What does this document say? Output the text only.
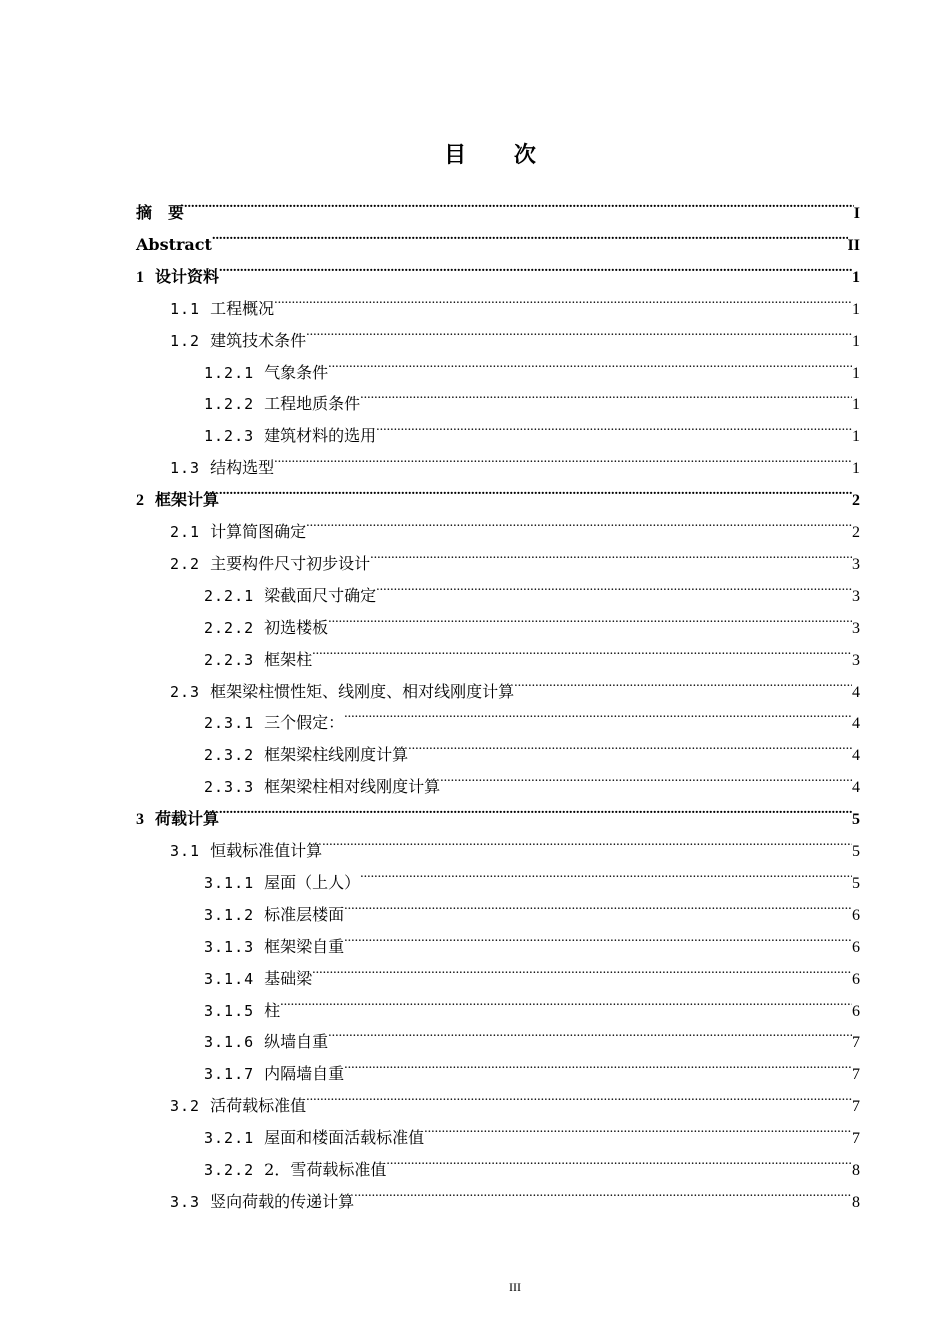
目 次
摘　要 .....	I
Abstract .....	II
1 设计资料 .....	1
1.1 工程概况 .....	1
1.2 建筑技术条件 .....	1
1.2.1 气象条件 .....	1
1.2.2 工程地质条件 .....	1
1.2.3 建筑材料的选用 .....	1
1.3 结构选型 .....	1
2 框架计算 .....	2
2.1 计算简图确定 .....	2
2.2 主要构件尺寸初步设计 .....	3
2.2.1 梁截面尺寸确定 .....	3
2.2.2 初选楼板 .....	3
2.2.3 框架柱 .....	3
2.3 框架梁柱惯性矩、线刚度、相对线刚度计算 .....	4
2.3.1 三个假定： .....	4
2.3.2 框架梁柱线刚度计算 .....	4
2.3.3 框架梁柱相对线刚度计算 .....	4
3 荷载计算 .....	5
3.1 恒载标准值计算 .....	5
3.1.1 屋面（上人） .....	5
3.1.2 标准层楼面 .....	6
3.1.3 框架梁自重 .....	6
3.1.4 基础梁 .....	6
3.1.5 柱 .....	6
3.1.6 纵墙自重 .....	7
3.1.7 内隔墙自重 .....	7
3.2 活荷载标准值 .....	7
3.2.1 屋面和楼面活载标准值 .....	7
3.2.2 2．雪荷载标准值 .....	8
3.3 竖向荷载的传递计算 .....	8
III
